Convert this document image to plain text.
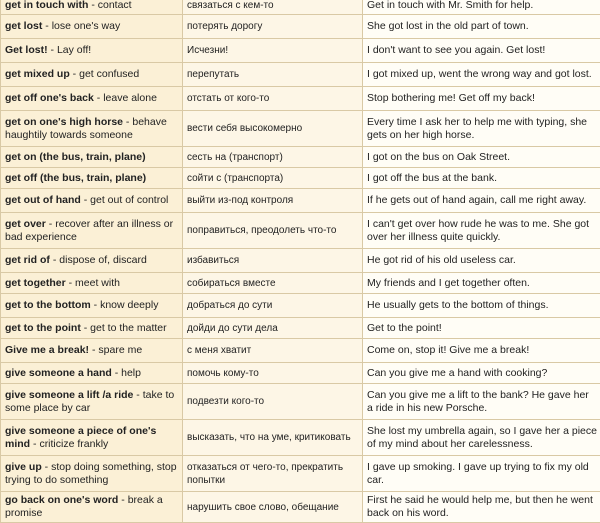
get in touch with - contact	связаться с кем-то	Get in touch with Mr. Smith for help.
get lost - lose one's way	потерять дорогу	She got lost in the old part of town.
Get lost! - Lay off!	Исчезни!	I don't want to see you again. Get lost!
get mixed up - get confused	перепутать	I got mixed up, went the wrong way and got lost.
get off one's back - leave alone	отстать от кого-то	Stop bothering me! Get off my back!
get on one's high horse - behave haughtily towards someone	вести себя высокомерно	Every time I ask her to help me with typing, she gets on her high horse.
get on (the bus, train, plane)	сесть на (транспорт)	I got on the bus on Oak Street.
get off (the bus, train, plane)	сойти с (транспорта)	I got off the bus at the bank.
get out of hand - get out of control	выйти из-под контроля	If he gets out of hand again, call me right away.
get over - recover after an illness or bad experience	поправиться, преодолеть что-то	I can't get over how rude he was to me. She got over her illness quite quickly.
get rid of - dispose of, discard	избавиться	He got rid of his old useless car.
get together - meet with	собираться вместе	My friends and I get together often.
get to the bottom - know deeply	добраться до сути	He usually gets to the bottom of things.
get to the point - get to the matter	дойди до сути дела	Get to the point!
Give me a break! - spare me	с меня хватит	Come on, stop it! Give me a break!
give someone a hand - help	помочь кому-то	Can you give me a hand with cooking?
give someone a lift /a ride - take to some place by car	подвезти кого-то	Can you give me a lift to the bank? He gave her a ride in his new Porsche.
give someone a piece of one's mind - criticize frankly	высказать, что на уме, критиковать	She lost my umbrella again, so I gave her a piece of my mind about her carelessness.
give up - stop doing something, stop trying to do something	отказаться от чего-то, прекратить попытки	I gave up smoking. I gave up trying to fix my old car.
go back on one's word - break a promise	нарушить свое слово, обещание	First he said he would help me, but then he went back on his word.
